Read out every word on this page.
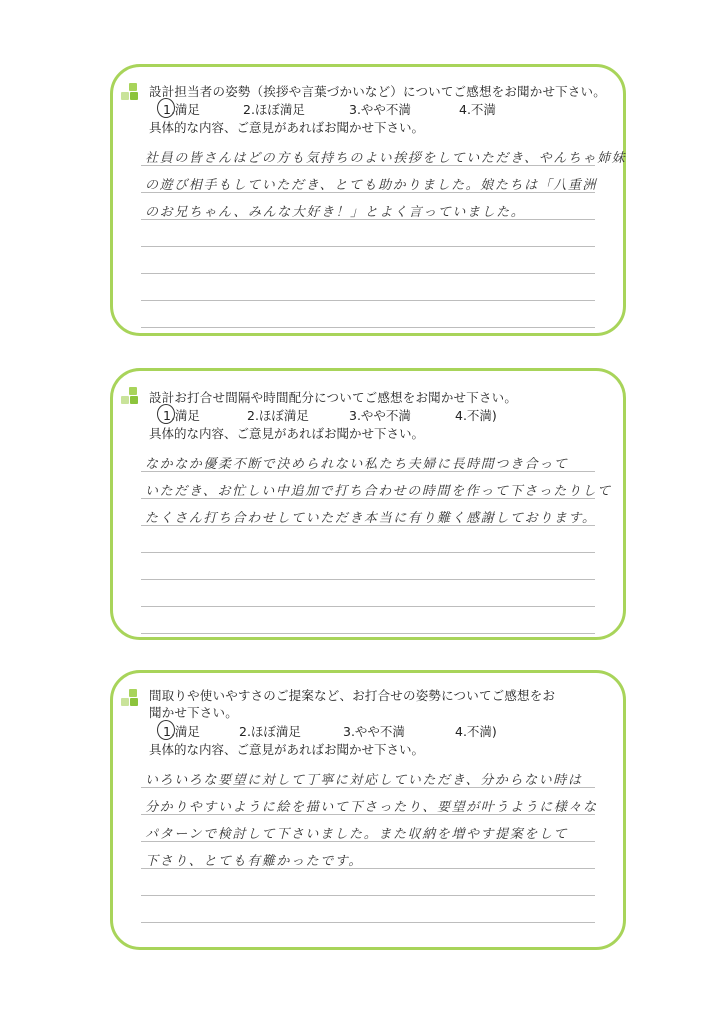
設計担当者の姿勢（挨拶や言葉づかいなど）についてご感想をお聞かせ下さい。
1.満足	2.ほぼ満足	3.やや不満	4.不満
具体的な内容、ご意見があればお聞かせ下さい。
社員の皆さんはどの方も気持ちのよい挨拶をしていただき、やんちゃ姉妹
の遊び相手もしていただき、とても助かりました。娘たちは「八重洲
のお兄ちゃん、みんな大好き！」とよく言っていました。
設計お打合せ間隔や時間配分についてご感想をお聞かせ下さい。
1.満足	2.ほぼ満足	3.やや不満	4.不満)
具体的な内容、ご意見があればお聞かせ下さい。
なかなか優柔不断で決められない私たち夫婦に長時間つき合って
いただき、お忙しい中追加で打ち合わせの時間を作って下さったりして
たくさん打ち合わせしていただき本当に有り難く感謝しております。
間取りや使いやすさのご提案など、お打合せの姿勢についてご感想をお
聞かせ下さい。
1.満足	2.ほぼ満足	3.やや不満	4.不満)
具体的な内容、ご意見があればお聞かせ下さい。
いろいろな要望に対して丁寧に対応していただき、分からない時は
分かりやすいように絵を描いて下さったり、要望が叶うように様々な
パターンで検討して下さいました。また収納を増やす提案をして
下さり、とても有難かったです。
